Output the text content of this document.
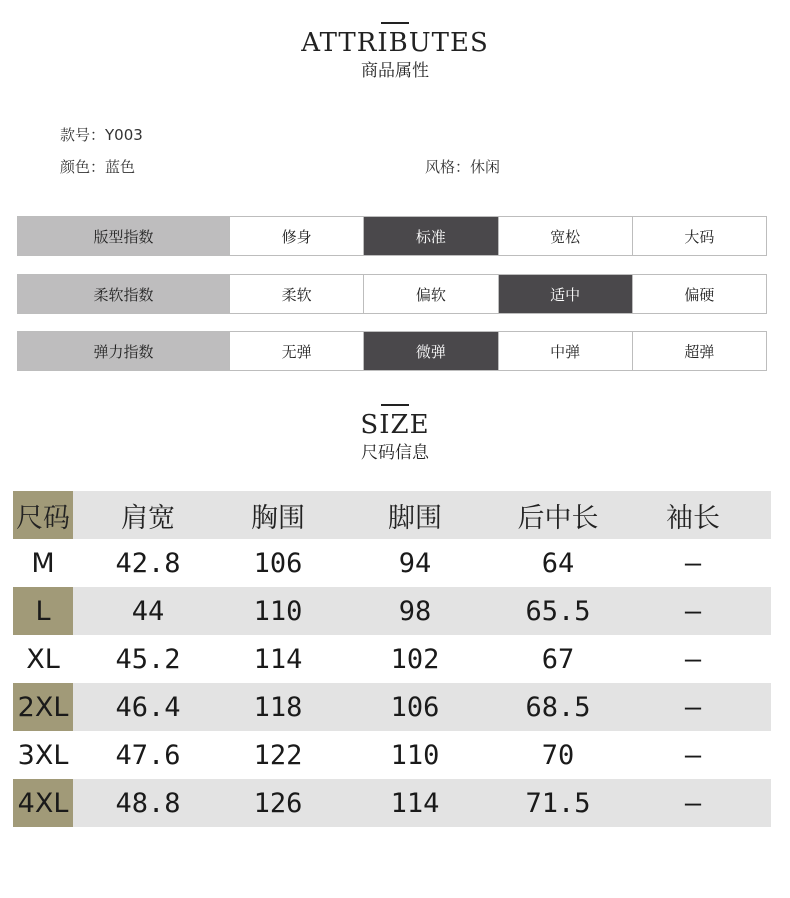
ATTRIBUTES
商品属性
款号：Y003
颜色：蓝色	风格：休闲
版型指数	修身	标准	宽松	大码
柔软指数	柔软	偏软	适中	偏硬
弹力指数	无弹	微弹	中弹	超弹
SIZE
尺码信息
尺码	肩宽	胸围	脚围	后中长	袖长
M	42.8	106	94	64	–
L	44	110	98	65.5	–
XL	45.2	114	102	67	–
2XL 46.4	118	106	68.5	–
3XL 47.6	122	110	70	–
4XL 48.8	126	114	71.5	–
